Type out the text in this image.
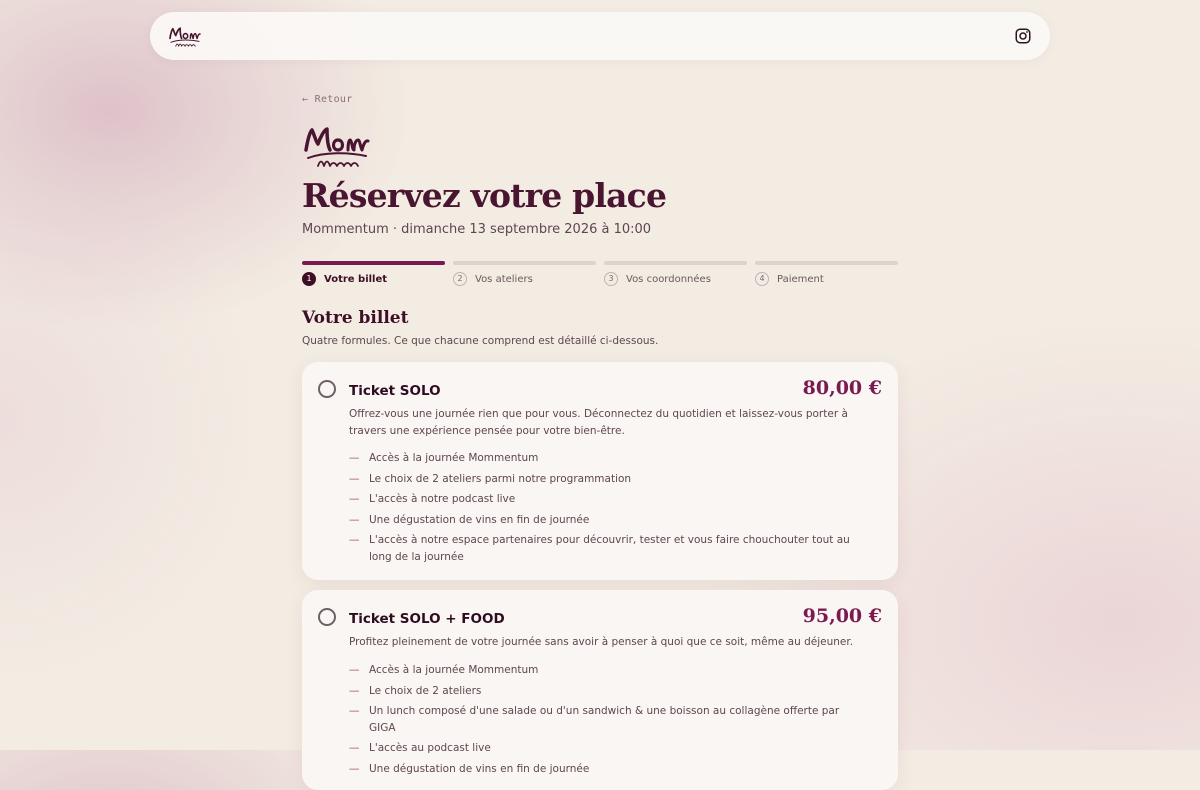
← Retour
Réservez votre place
Mommentum · dimanche 13 septembre 2026 à 10:00
1	Votre billet	2	Vos ateliers	3	Vos coordonnées	4	Paiement
Votre billet
Quatre formules. Ce que chacune comprend est détaillé ci-dessous.
Ticket SOLO	80,00 €
Offrez-vous une journée rien que pour vous. Déconnectez du quotidien et laissez-vous porter à travers une expérience pensée pour votre bien-être.
— Accès à la journée Mommentum
— Le choix de 2 ateliers parmi notre programmation
— L'accès à notre podcast live
— Une dégustation de vins en fin de journée
— L'accès à notre espace partenaires pour découvrir, tester et vous faire chouchouter tout au long de la journée
Ticket SOLO + FOOD	95,00 €
Profitez pleinement de votre journée sans avoir à penser à quoi que ce soit, même au déjeuner.
— Accès à la journée Mommentum
— Le choix de 2 ateliers
— Un lunch composé d'une salade ou d'un sandwich & une boisson au collagène offerte par GIGA
— L'accès au podcast live
— Une dégustation de vins en fin de journée
